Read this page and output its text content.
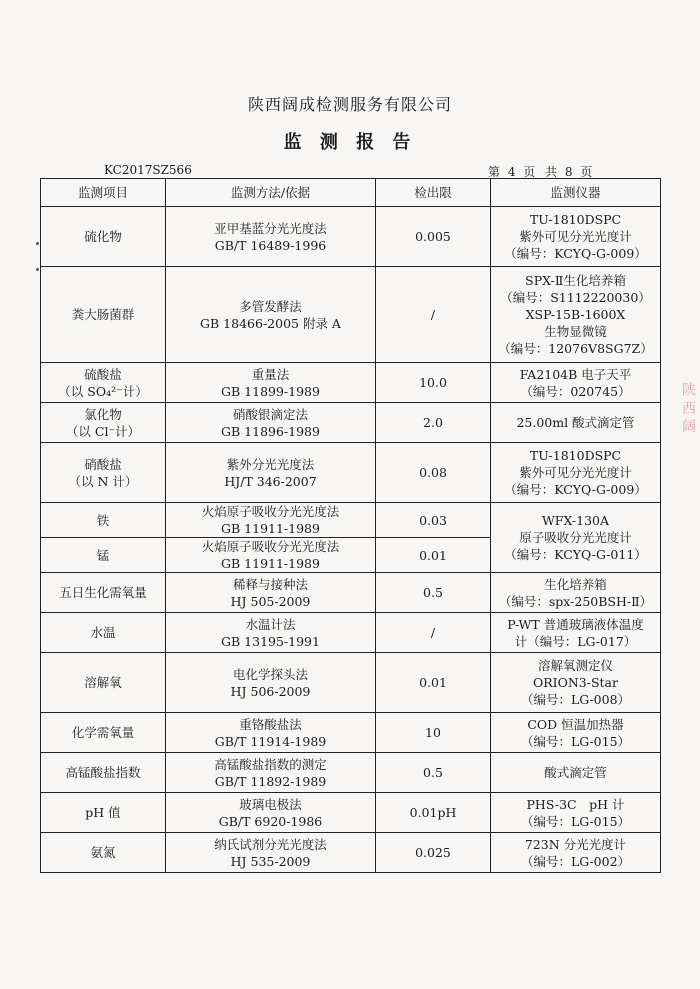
陕西阔成检测服务有限公司
监 测 报 告
KC2017SZ566	第 4 页 共 8 页
监测项目	监测方法/依据	检出限	监测仪器

硫化物	亚甲基蓝分光光度法
GB/T 16489-1996	0.005	TU-1810DSPC
紫外可见分光光度计
（编号：KCYQ-G-009）

粪大肠菌群	多管发酵法
GB 18466-2005 附录 A	/	SPX-Ⅱ生化培养箱
（编号：S1112220030）
XSP-15B-1600X
生物显微镜
（编号：12076V8SG7Z）

硫酸盐
（以 SO₄²⁻计）	重量法
GB 11899-1989	10.0	FA2104B 电子天平
（编号：020745）

氯化物
（以 Cl⁻计）	硝酸银滴定法
GB 11896-1989	2.0	25.00ml 酸式滴定管

硝酸盐
（以 N 计）	紫外分光光度法
HJ/T 346-2007	0.08	TU-1810DSPC
紫外可见分光光度计
（编号：KCYQ-G-009）

铁	火焰原子吸收分光光度法
GB 11911-1989	0.03	WFX-130A
原子吸收分光光度计
（编号：KCYQ-G-011）

锰	火焰原子吸收分光光度法
GB 11911-1989	0.01	

五日生化需氧量	稀释与接种法
HJ 505-2009	0.5	生化培养箱
（编号：spx-250BSH-Ⅱ）

水温	水温计法
GB 13195-1991	/	P-WT 普通玻璃液体温度
计（编号：LG-017）

溶解氧	电化学探头法
HJ 506-2009	0.01	溶解氧测定仪
ORION3-Star
（编号：LG-008）

化学需氧量	重铬酸盐法
GB/T 11914-1989	10	COD 恒温加热器
（编号：LG-015）

高锰酸盐指数	高锰酸盐指数的测定
GB/T 11892-1989	0.5	酸式滴定管

pH 值	玻璃电极法
GB/T 6920-1986	0.01pH	PHS-3C　pH 计
（编号：LG-015）

氨氮	纳氏试剂分光光度法
HJ 535-2009	0.025	723N 分光光度计
（编号：LG-002）
陕 西 阔
